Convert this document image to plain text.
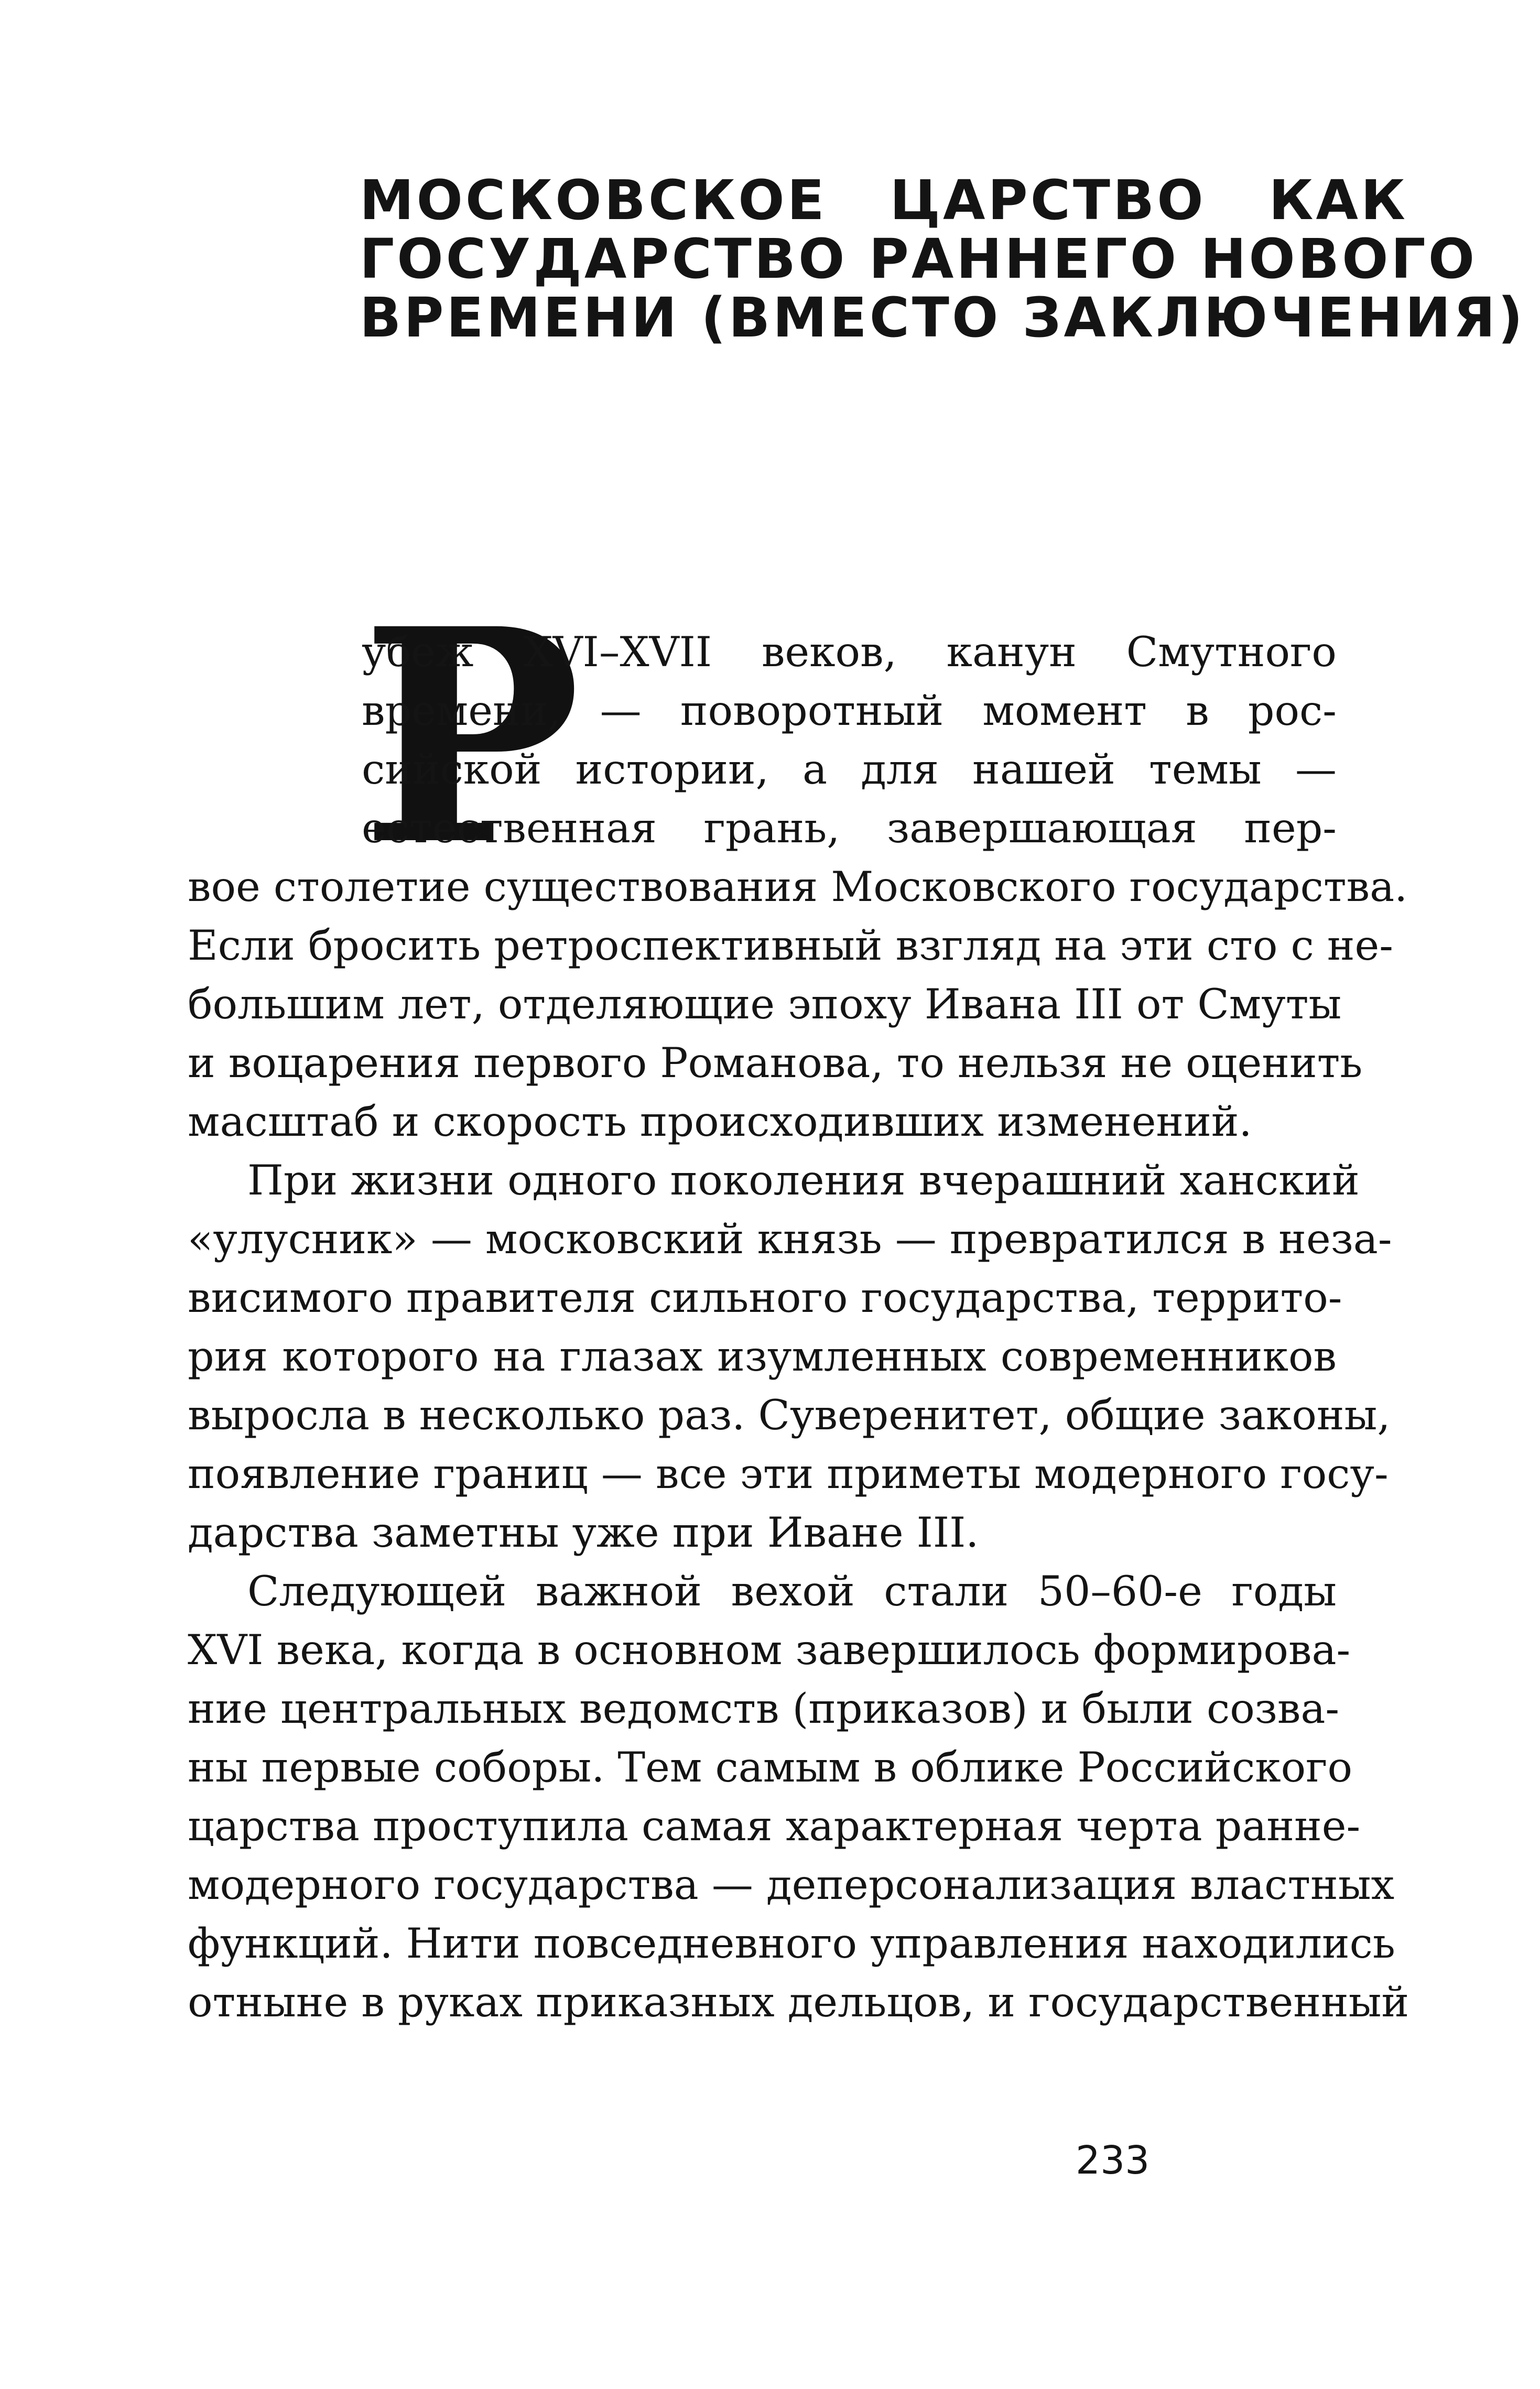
МОСКОВСКОЕ ЦАРСТВО КАК
ГОСУДАРСТВО РАННЕГО НОВОГО
ВРЕМЕНИ (ВМЕСТО ЗАКЛЮЧЕНИЯ)
Р

убеж XVI–XVII веков, канун Смутного
времени, — поворотный момент в рос-
сийской истории, а для нашей темы —
естественная грань, завершающая пер-
вое столетие существования Московского государства.
Если бросить ретроспективный взгляд на эти сто с не-
большим лет, отделяющие эпоху Ивана III от Смуты
и воцарения первого Романова, то нельзя не оценить
масштаб и скорость происходивших изменений.

При жизни одного поколения вчерашний ханский
«улусник» — московский князь — превратился в неза-
висимого правителя сильного государства, террито-
рия которого на глазах изумленных современников
выросла в несколько раз. Суверенитет, общие законы,
появление границ — все эти приметы модерного госу-
дарства заметны уже при Иване III.

Следующей важной вехой стали 50–60-е годы
XVI века, когда в основном завершилось формирова-
ние центральных ведомств (приказов) и были созва-
ны первые соборы. Тем самым в облике Российского
царства проступила самая характерная черта ранне-
модерного государства — деперсонализация властных
функций. Нити повседневного управления находились
отныне в руках приказных дельцов, и государственный

233
